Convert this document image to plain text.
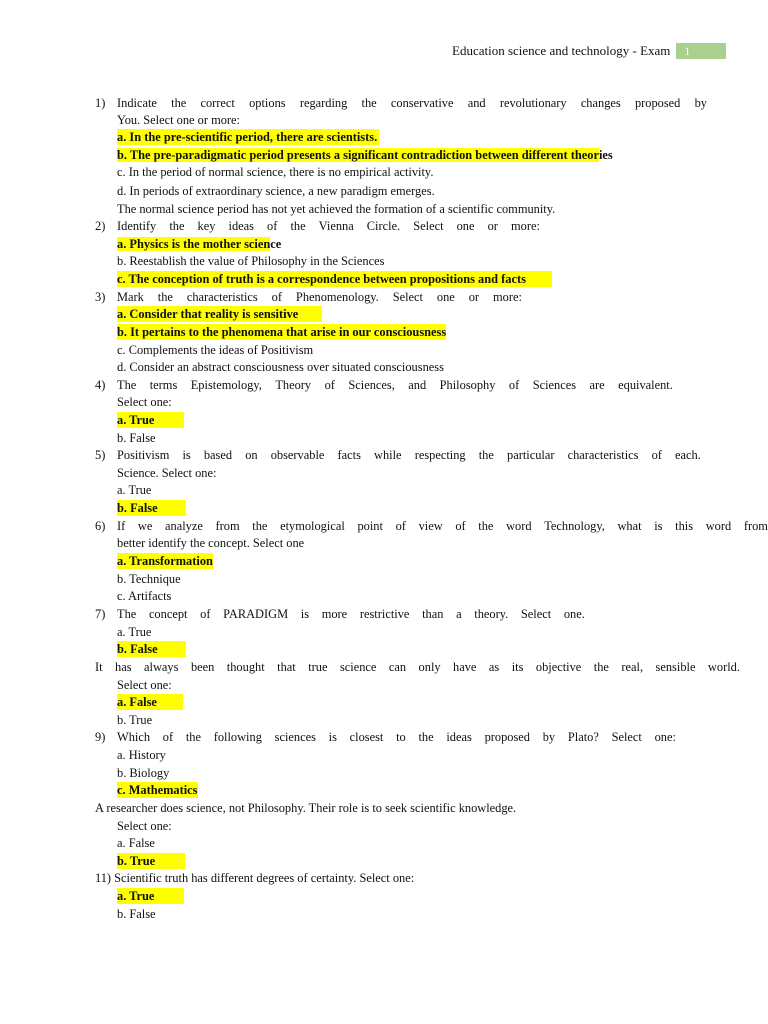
Education science and technology - Exam	1
1) Indicate the correct options regarding the conservative and revolutionary changes proposed by
You. Select one or more:
a. In the pre-scientific period, there are scientists.
b. The pre-paradigmatic period presents a significant contradiction between different theories
c. In the period of normal science, there is no empirical activity.
d. In periods of extraordinary science, a new paradigm emerges.
The normal science period has not yet achieved the formation of a scientific community.
2) Identify the key ideas of the Vienna Circle. Select one or more:
a. Physics is the mother science
b. Reestablish the value of Philosophy in the Sciences
c. The conception of truth is a correspondence between propositions and facts
3) Mark the characteristics of Phenomenology. Select one or more:
a. Consider that reality is sensitive
b. It pertains to the phenomena that arise in our consciousness
c. Complements the ideas of Positivism
d. Consider an abstract consciousness over situated consciousness
4) The terms Epistemology, Theory of Sciences, and Philosophy of Sciences are equivalent.
Select one:
a. True
b. False
5) Positivism is based on observable facts while respecting the particular characteristics of each.
Science. Select one:
a. True
b. False
6) If we analyze from the etymological point of view of the word Technology, what is this word from
better identify the concept. Select one
a. Transformation
b. Technique
c. Artifacts
7) The concept of PARADIGM is more restrictive than a theory. Select one.
a. True
b. False
It has always been thought that true science can only have as its objective the real, sensible world.
Select one:
a. False
b. True
9) Which of the following sciences is closest to the ideas proposed by Plato? Select one:
a. History
b. Biology
c. Mathematics
A researcher does science, not Philosophy. Their role is to seek scientific knowledge.
Select one:
a. False
b. True
11) Scientific truth has different degrees of certainty. Select one:
a. True
b. False
